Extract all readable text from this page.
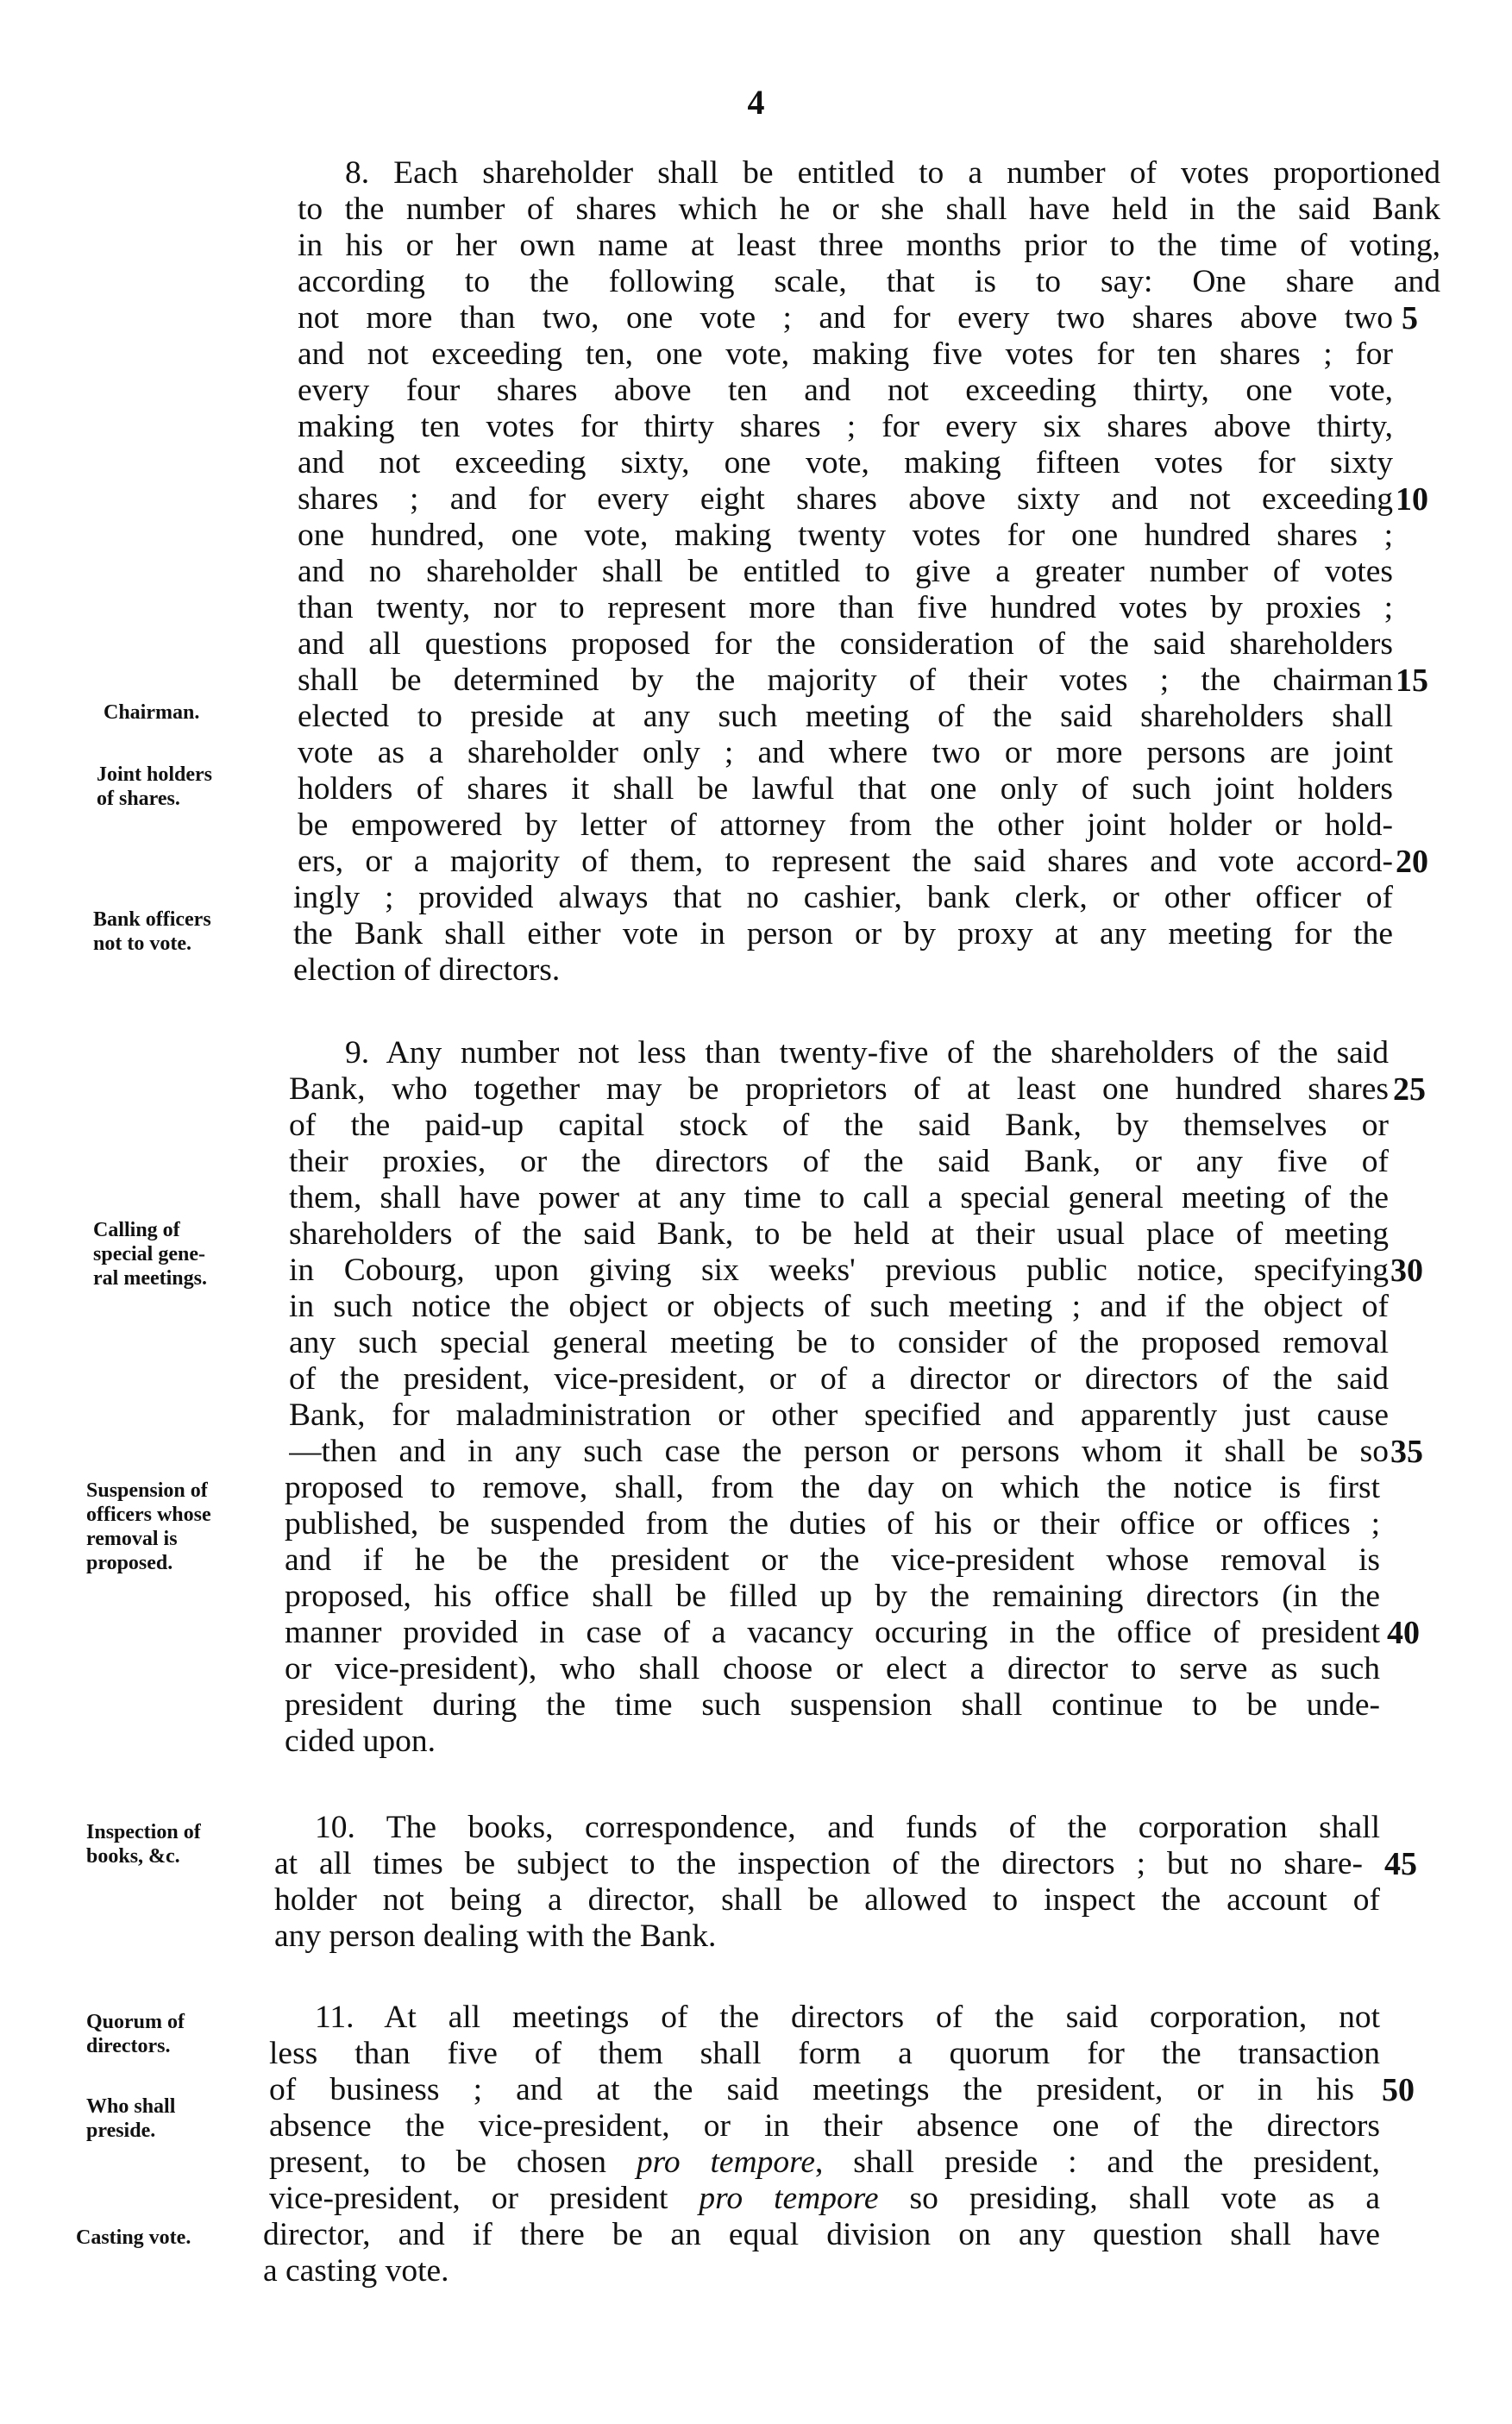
4
8. Each shareholder shall be entitled to a number of votes proportioned
to the number of shares which he or she shall have held in the said Bank
in his or her own name at least three months prior to the time of voting,
according to the following scale, that is to say: One share and
not more than two, one vote ; and for every two shares above two
and not exceeding ten, one vote, making five votes for ten shares ; for
every four shares above ten and not exceeding thirty, one vote,
making ten votes for thirty shares ; for every six shares above thirty,
and not exceeding sixty, one vote, making fifteen votes for sixty
shares ; and for every eight shares above sixty and not exceeding
one hundred, one vote, making twenty votes for one hundred shares ;
and no shareholder shall be entitled to give a greater number of votes
than twenty, nor to represent more than five hundred votes by proxies ;
and all questions proposed for the consideration of the said shareholders
shall be determined by the majority of their votes ; the chairman
elected to preside at any such meeting of the said shareholders shall
vote as a shareholder only ; and where two or more persons are joint
holders of shares it shall be lawful that one only of such joint holders
be empowered by letter of attorney from the other joint holder or hold-
ers, or a majority of them, to represent the said shares and vote accord-
ingly ; provided always that no cashier, bank clerk, or other officer of
the Bank shall either vote in person or by proxy at any meeting for the
election of directors.
9. Any number not less than twenty-five of the shareholders of the said
Bank, who together may be proprietors of at least one hundred shares
of the paid-up capital stock of the said Bank, by themselves or
their proxies, or the directors of the said Bank, or any five of
them, shall have power at any time to call a special general meeting of the
shareholders of the said Bank, to be held at their usual place of meeting
in Cobourg, upon giving six weeks' previous public notice, specifying
in such notice the object or objects of such meeting ; and if the object of
any such special general meeting be to consider of the proposed removal
of the president, vice-president, or of a director or directors of the said
Bank, for maladministration or other specified and apparently just cause
—then and in any such case the person or persons whom it shall be so
proposed to remove, shall, from the day on which the notice is first
published, be suspended from the duties of his or their office or offices ;
and if he be the president or the vice-president whose removal is
proposed, his office shall be filled up by the remaining directors (in the
manner provided in case of a vacancy occuring in the office of president
or vice-president), who shall choose or elect a director to serve as such
president during the time such suspension shall continue to be unde-
cided upon.
10. The books, correspondence, and funds of the corporation shall
at all times be subject to the inspection of the directors ; but no share-
holder not being a director, shall be allowed to inspect the account of
any person dealing with the Bank.
11. At all meetings of the directors of the said corporation, not
less than five of them shall form a quorum for the transaction
of business ; and at the said meetings the president, or in his
absence the vice-president, or in their absence one of the directors
present, to be chosen pro tempore, shall preside : and the president,
vice-president, or president pro tempore so presiding, shall vote as a
director, and if there be an equal division on any question shall have
a casting vote.
5
10
15
20
25
30
35
40
45
50
Chairman.
Joint holders
of shares.
Bank officers
not to vote.
Calling of
special gene-
ral meetings.
Suspension of
officers whose
removal is
proposed.
Inspection of
books, &c.
Quorum of
directors.
Who shall
preside.
Casting vote.
